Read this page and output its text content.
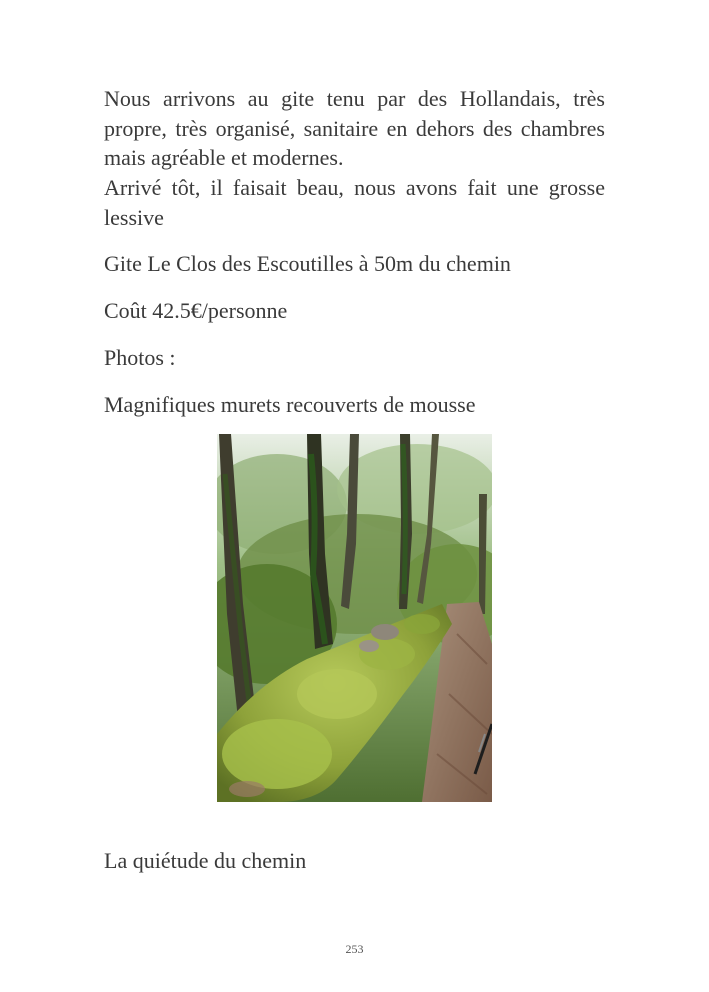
Nous arrivons au gite tenu par des Hollandais, très propre, très organisé, sanitaire en dehors des chambres mais agréable et modernes.

Arrivé tôt, il faisait beau, nous avons fait une grosse lessive

Gite Le Clos des Escoutilles à 50m du chemin

Coût 42.5€/personne

Photos :

Magnifiques murets recouverts de mousse

La quiétude du chemin

253
